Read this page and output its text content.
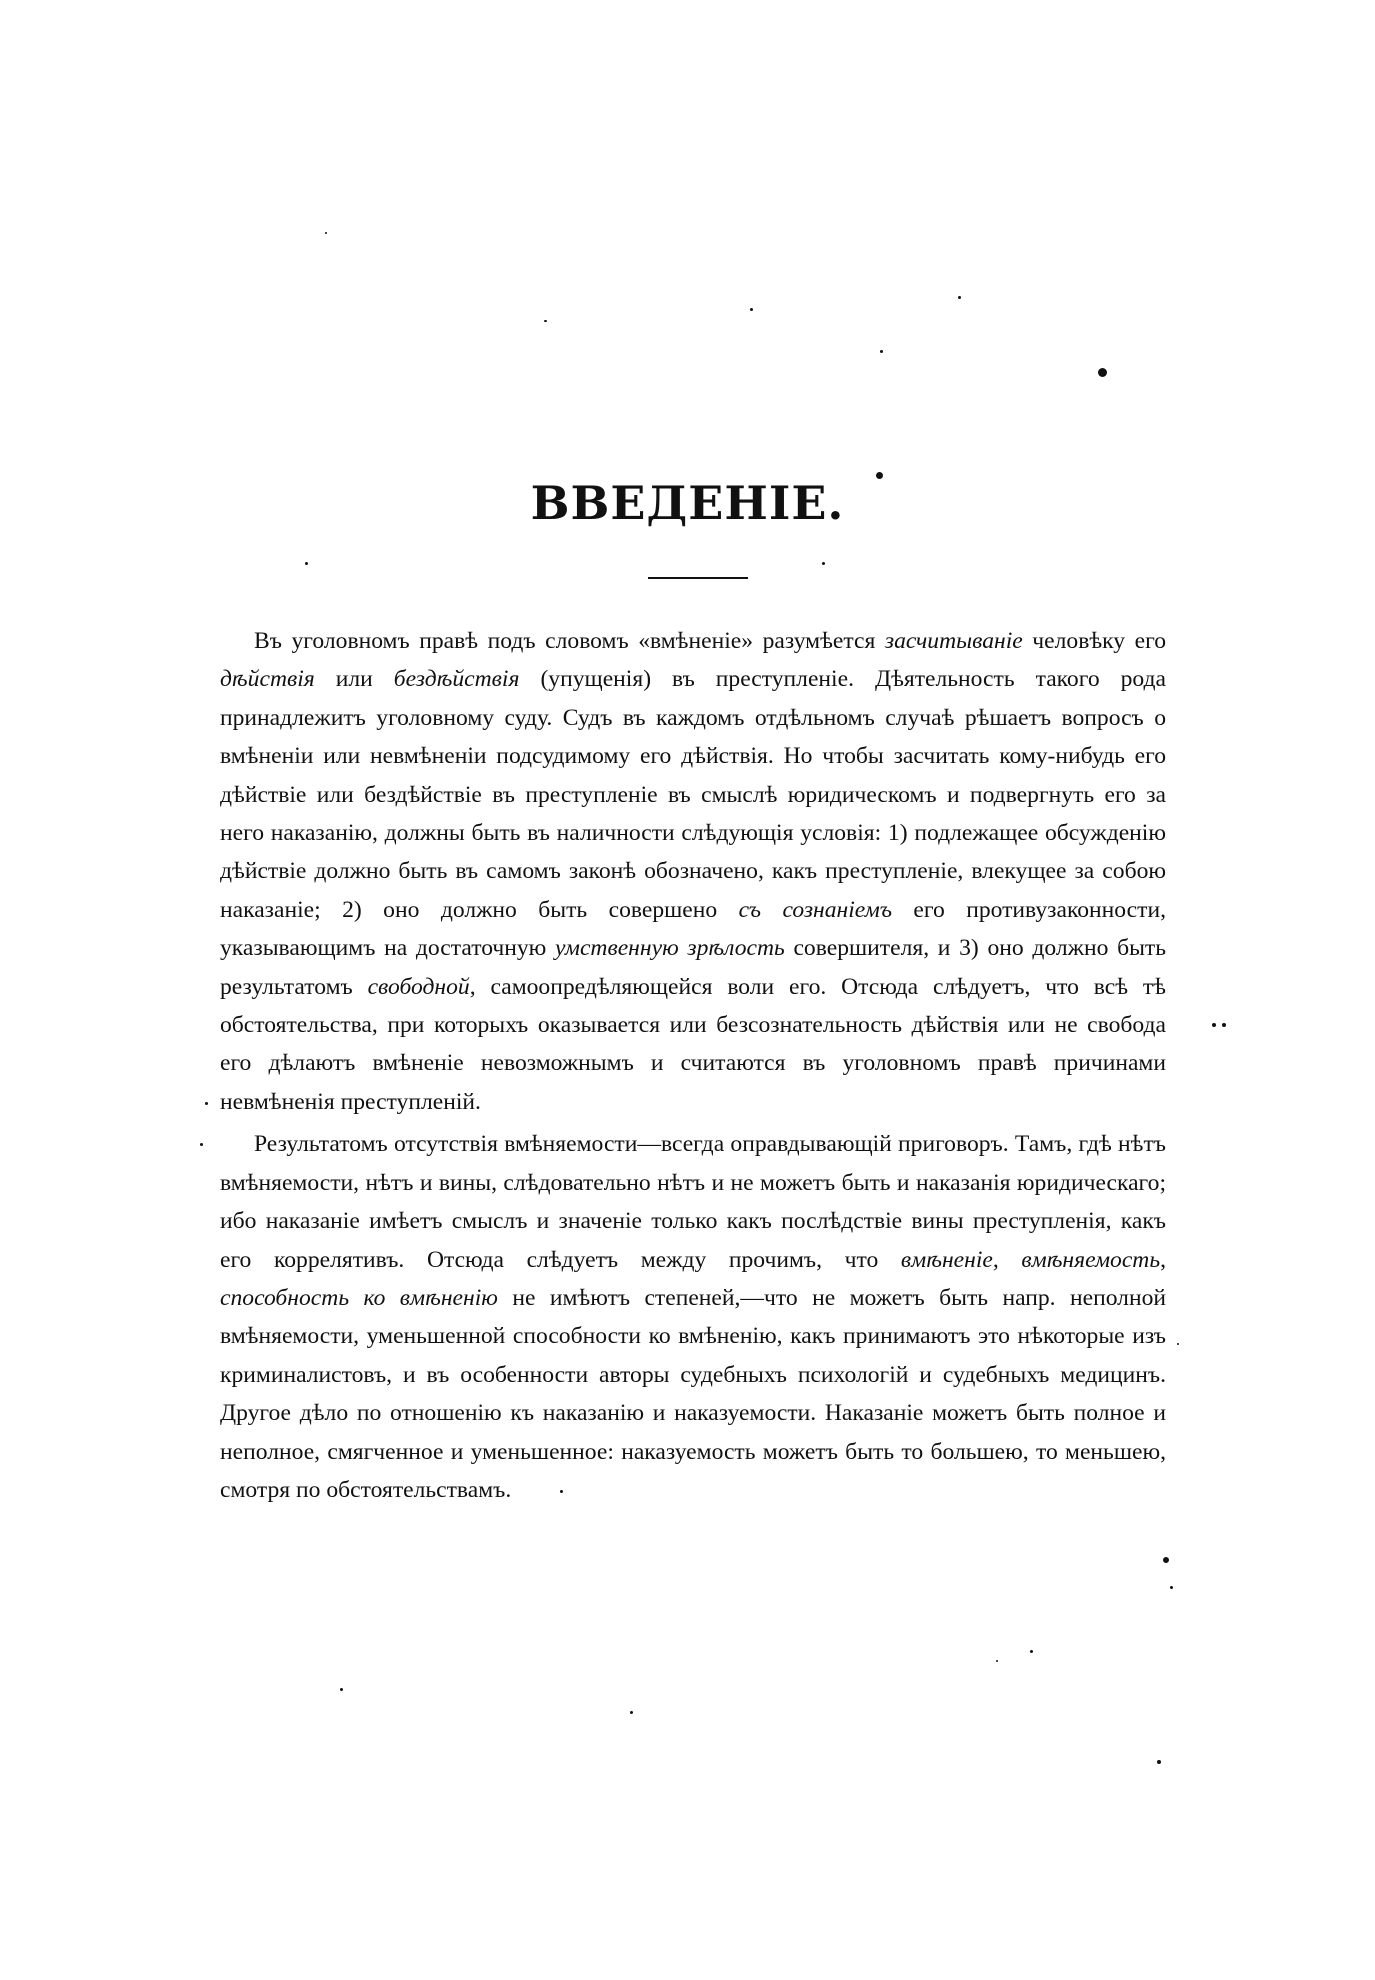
ВВЕДЕНІЕ.

Въ уголовномъ правѣ подъ словомъ «вмѣненіе» разумѣется засчитываніе человѣку его дѣйствія или бездѣйствія (упущенія) въ преступленіе. Дѣятельность такого рода принадлежитъ уголовному суду. Судъ въ каждомъ отдѣльномъ случаѣ рѣшаетъ вопросъ о вмѣненіи или невмѣненіи подсудимому его дѣйствія. Но чтобы засчитать кому-нибудь его дѣйствіе или бездѣйствіе въ преступленіе въ смыслѣ юридическомъ и подвергнуть его за него наказанію, должны быть въ наличности слѣдующія условія: 1) подлежащее обсужденію дѣйствіе должно быть въ самомъ законѣ обозначено, какъ преступленіе, влекущее за собою наказаніе; 2) оно должно быть совершено съ сознаніемъ его противузаконности, указывающимъ на достаточную умственную зрѣлость совершителя, и 3) оно должно быть результатомъ свободной, самоопредѣляющейся воли его. Отсюда слѣдуетъ, что всѣ тѣ обстоятельства, при которыхъ оказывается или безсознательность дѣйствія или не свобода его дѣлаютъ вмѣненіе невозможнымъ и считаются въ уголовномъ правѣ причинами невмѣненія преступленій.

Результатомъ отсутствія вмѣняемости—всегда оправдывающій приговоръ. Тамъ, гдѣ нѣтъ вмѣняемости, нѣтъ и вины, слѣдовательно нѣтъ и не можетъ быть и наказанія юридическаго; ибо наказаніе имѣетъ смыслъ и значеніе только какъ послѣдствіе вины преступленія, какъ его коррелятивъ. Отсюда слѣдуетъ между прочимъ, что вмѣненіе, вмѣняемость, способность ко вмѣненію не имѣютъ степеней,—что не можетъ быть напр. неполной вмѣняемости, уменьшенной способности ко вмѣненію, какъ принимаютъ это нѣкоторые изъ криминалистовъ, и въ особенности авторы судебныхъ психологій и судебныхъ медицинъ. Другое дѣло по отношенію къ наказанію и наказуемости. Наказаніе можетъ быть полное и неполное, смягченное и уменьшенное: наказуемость можетъ быть то большею, то меньшею, смотря по обстоятельствамъ.
